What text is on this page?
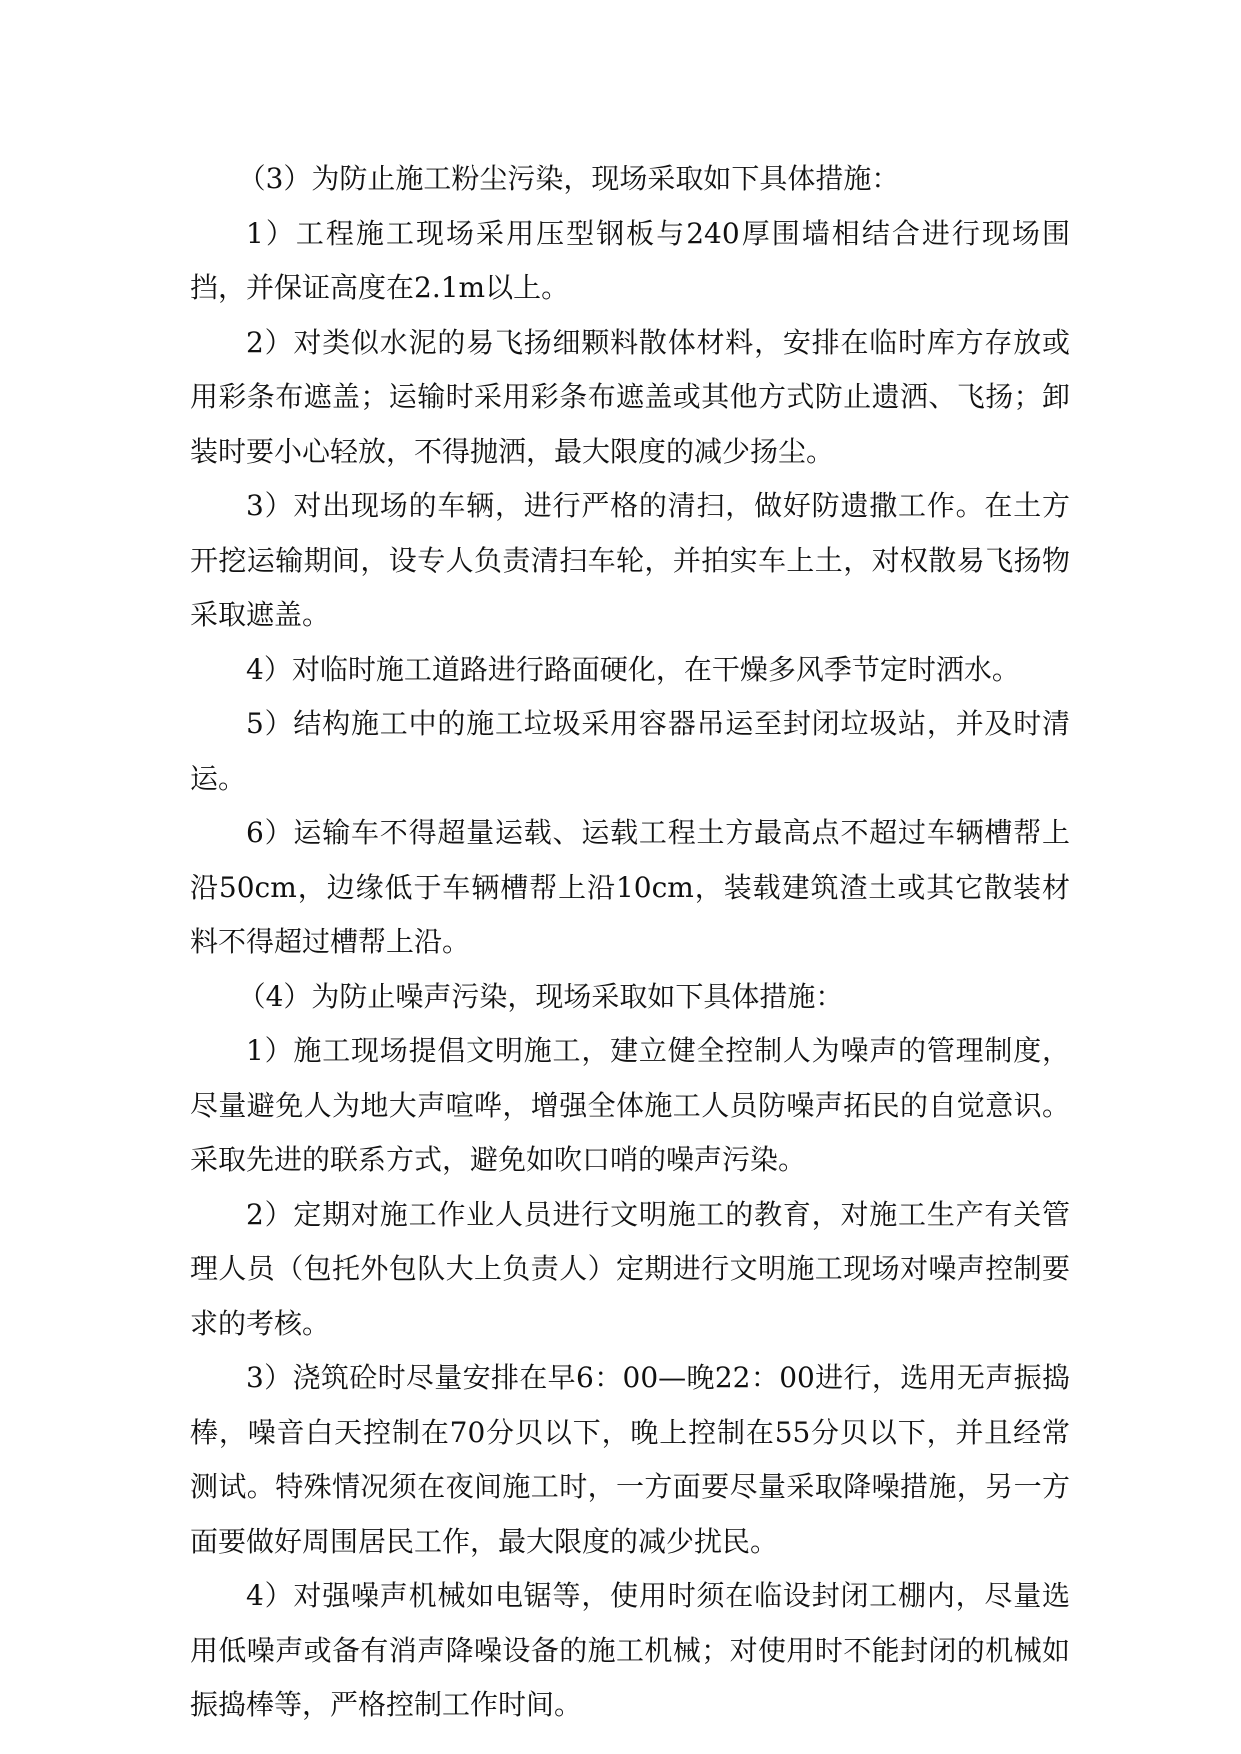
（3）为防止施工粉尘污染，现场采取如下具体措施：

1）工程施工现场采用压型钢板与240厚围墙相结合进行现场围挡，并保证高度在2.1m以上。

2）对类似水泥的易飞扬细颗料散体材料，安排在临时库方存放或用彩条布遮盖；运输时采用彩条布遮盖或其他方式防止遗洒、飞扬；卸装时要小心轻放，不得抛洒，最大限度的减少扬尘。

3）对出现场的车辆，进行严格的清扫，做好防遗撒工作。在土方开挖运输期间，设专人负责清扫车轮，并拍实车上土，对权散易飞扬物采取遮盖。

4）对临时施工道路进行路面硬化，在干燥多风季节定时洒水。

5）结构施工中的施工垃圾采用容器吊运至封闭垃圾站，并及时清运。

6）运输车不得超量运载、运载工程土方最高点不超过车辆槽帮上沿50cm，边缘低于车辆槽帮上沿10cm，装载建筑渣土或其它散装材料不得超过槽帮上沿。

（4）为防止噪声污染，现场采取如下具体措施：

1）施工现场提倡文明施工，建立健全控制人为噪声的管理制度，尽量避免人为地大声喧哗，增强全体施工人员防噪声拓民的自觉意识。采取先进的联系方式，避免如吹口哨的噪声污染。

2）定期对施工作业人员进行文明施工的教育，对施工生产有关管理人员（包托外包队大上负责人）定期进行文明施工现场对噪声控制要求的考核。

3）浇筑砼时尽量安排在早6：00—晚22：00进行，选用无声振捣棒，噪音白天控制在70分贝以下，晚上控制在55分贝以下，并且经常测试。特殊情况须在夜间施工时，一方面要尽量采取降噪措施，另一方面要做好周围居民工作，最大限度的减少扰民。

4）对强噪声机械如电锯等，使用时须在临设封闭工棚内，尽量选用低噪声或备有消声降噪设备的施工机械；对使用时不能封闭的机械如振捣棒等，严格控制工作时间。
